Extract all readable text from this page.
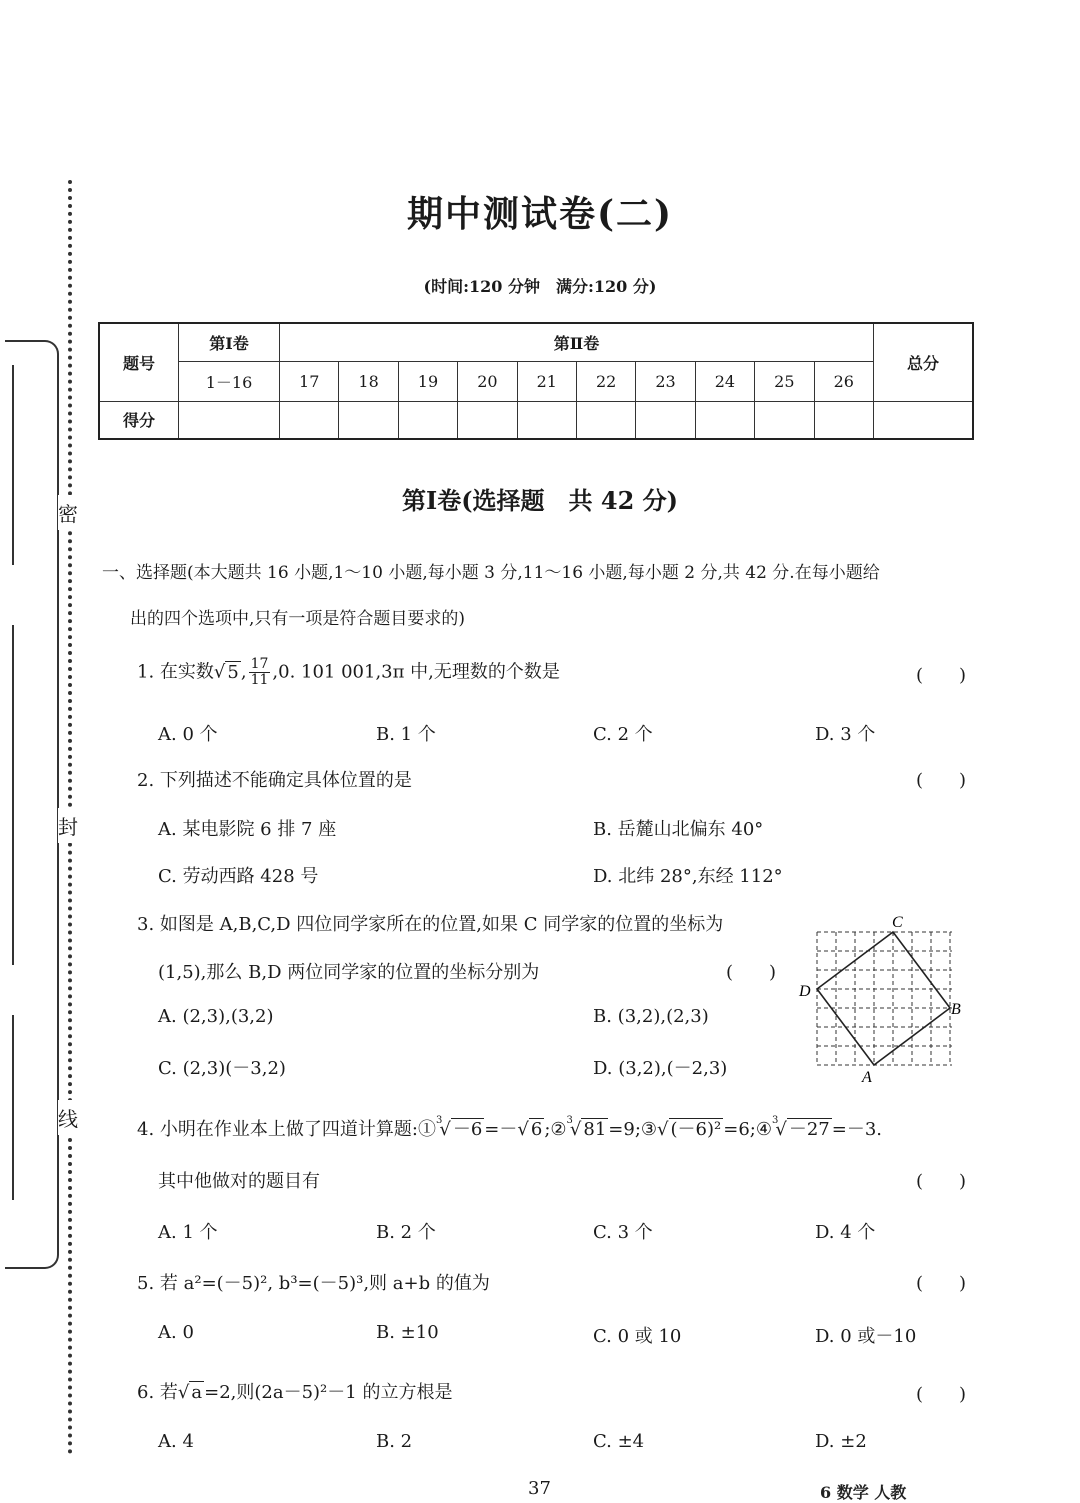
密
封
线
期中测试卷(二)
(时间:120 分钟　满分:120 分)
题号	第Ⅰ卷	第Ⅱ卷										总分
	1－16	17	18	19	20	21	22	23	24	25	26	
得分												
第Ⅰ卷(选择题　共 42 分)
一、选择题(本大题共 16 小题,1～10 小题,每小题 3 分,11～16 小题,每小题 2 分,共 42 分.在每小题给
出的四个选项中,只有一项是符合题目要求的)
1. 在实数√ 5 , $\frac{17}{11} ,0$. 101 001,3π 中,无理数的个数是	(　　)
A. 0 个	B. 1 个	C. 2 个	D. 3 个
2. 下列描述不能确定具体位置的是	(　　)
A. 某电影院 6 排 7 座	B. 岳麓山北偏东 40°
C. 劳动西路 428 号	D. 北纬 28°,东经 112°
3. 如图是 A,B,C,D 四位同学家所在的位置,如果 C 同学家的位置的坐标为
(1,5),那么 B,D 两位同学家的位置的坐标分别为	(　　)
A. (2,3),(3,2)	B. (3,2),(2,3)
C. (2,3)(－3,2)	D. (3,2),(－2,3)
C
B
D
A
4. 小明在作业本上做了四道计算题:①$^3$√ －6 =－√ 6 ;②$^3$√ 81 =9;③√ (－6)² =6;④$^3$√ －27 =－3.
其中他做对的题目有	(　　)
A. 1 个	B. 2 个	C. 3 个	D. 4 个
5. 若 a²=(－5)², b³=(－5)³,则 a+b 的值为	(　　)
A. 0	B. ±10	C. 0 或 10	D. 0 或－10
6. 若√ a =2,则(2a－5)²－1 的立方根是	(　　)
A. 4	B. 2	C. ±4	D. ±2
37	6 数学 人教
